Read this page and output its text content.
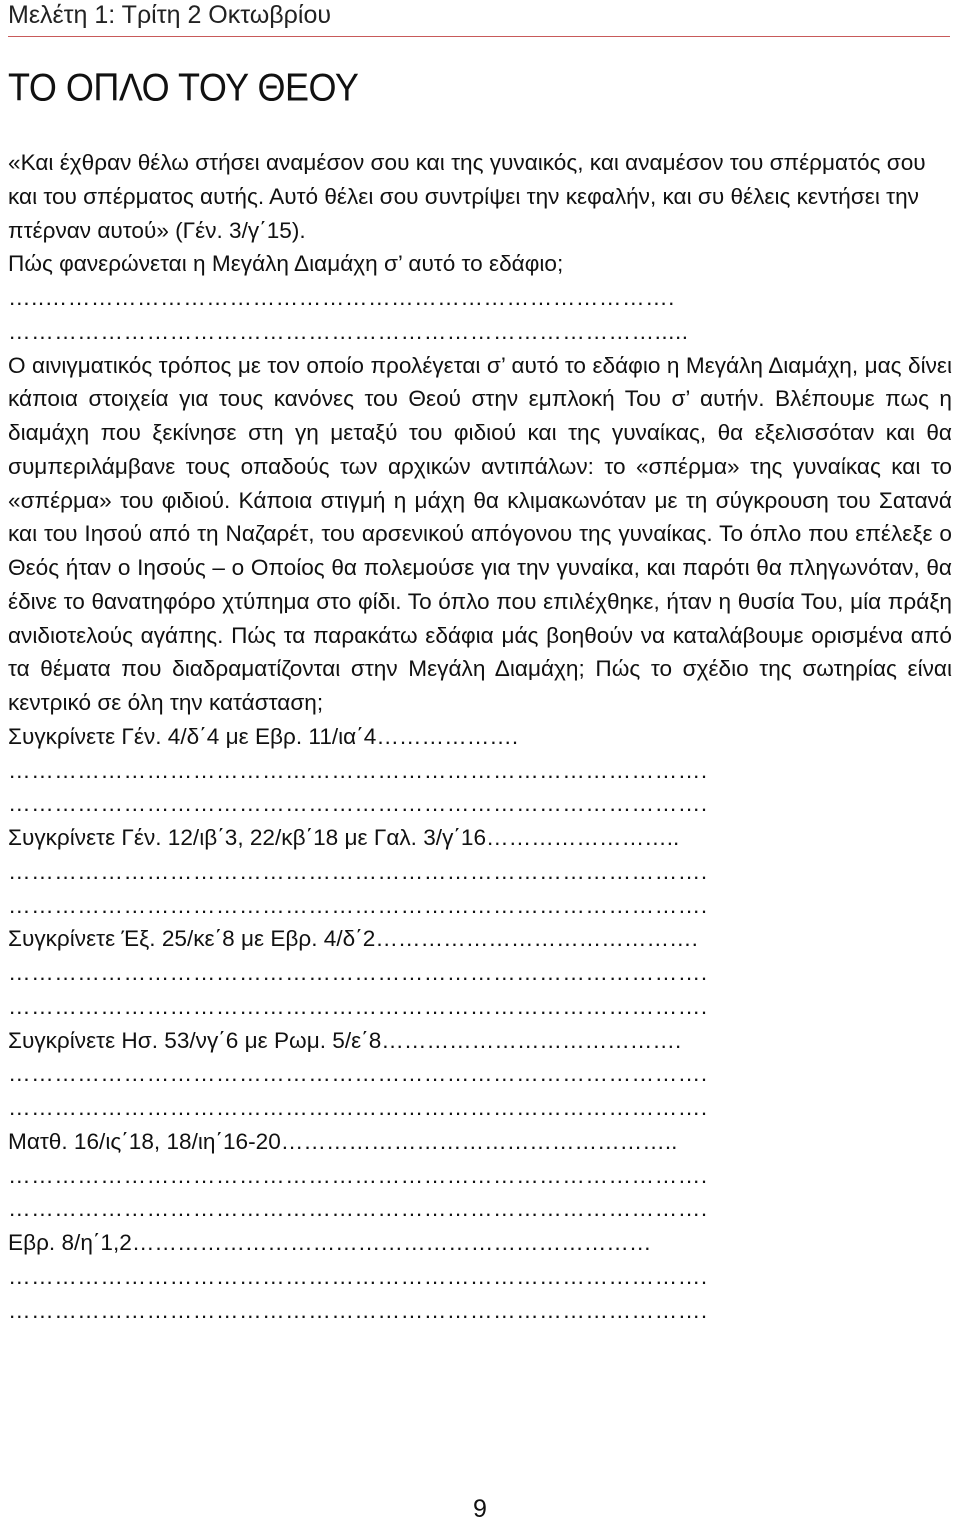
Μελέτη 1: Τρίτη 2 Οκτωβρίου
ΤΟ ΟΠΛΟ ΤΟΥ ΘΕΟΥ

«Και έχθραν θέλω στήσει αναμέσον σου και της γυναικός, και αναμέσον του σπέρματός σου και του σπέρματος αυτής. Αυτό θέλει σου συντρίψει την κεφαλήν, και συ θέλεις κεντήσει την πτέρναν αυτού» (Γέν. 3/γ΄15).

Πώς φανερώνεται η Μεγάλη Διαμάχη σ’ αυτό το εδάφιο;

…..……………………………………………………………………….
………………………………………………………………………….....

Ο αινιγματικός τρόπος με τον οποίο προλέγεται σ’ αυτό το εδάφιο η Μεγάλη Διαμάχη, μας δίνει κάποια στοιχεία για τους κανόνες του Θεού στην εμπλοκή Του σ’ αυτήν. Βλέπουμε πως η διαμάχη που ξεκίνησε στη γη μεταξύ του φιδιού και της γυναίκας, θα εξελισσόταν και θα συμπεριλάμβανε τους οπαδούς των αρχικών αντιπάλων: το «σπέρμα» της γυναίκας και το «σπέρμα» του φιδιού. Κάποια στιγμή η μάχη θα κλιμακωνόταν με τη σύγκρουση του Σατανά και του Ιησού από τη Ναζαρέτ, του αρσενικού απόγονου της γυναίκας. Το όπλο που επέλεξε ο Θεός ήταν ο Ιησούς – ο Οποίος θα πολεμούσε για την γυναίκα, και παρότι θα πληγωνόταν, θα έδινε το θανατηφόρο χτύπημα στο φίδι. Το όπλο που επιλέχθηκε, ήταν η θυσία Του, μία πράξη ανιδιοτελούς αγάπης. Πώς τα παρακάτω εδάφια μάς βοηθούν να καταλάβουμε ορισμένα από τα θέματα που διαδραματίζονται στην Μεγάλη Διαμάχη; Πώς το σχέδιο της σωτηρίας είναι κεντρικό σε όλη την κατάσταση;

Συγκρίνετε Γέν. 4/δ΄4 με Εβρ. 11/ια΄4……………….
……………………………………………………………………………….
……………………………………………………………………………….
Συγκρίνετε Γέν. 12/ιβ΄3, 22/κβ΄18 με Γαλ. 3/γ΄16……………………..
……………………………………………………………………………….
……………………………………………………………………………….
Συγκρίνετε Έξ. 25/κε΄8 με Εβρ. 4/δ΄2…………………………………….
……………………………………………………………………………….
……………………………………………………………………………….
Συγκρίνετε Ησ. 53/νγ΄6 με Ρωμ. 5/ε΄8………………………………….
……………………………………………………………………………….
……………………………………………………………………………….
Ματθ. 16/ις΄18, 18/ιη΄16-20……………………………………………..
……………………………………………………………………………….
……………………………………………………………………………….
Εβρ. 8/η΄1,2……………………………………………………………
……………………………………………………………………………….
……………………………………………………………………………….
9
